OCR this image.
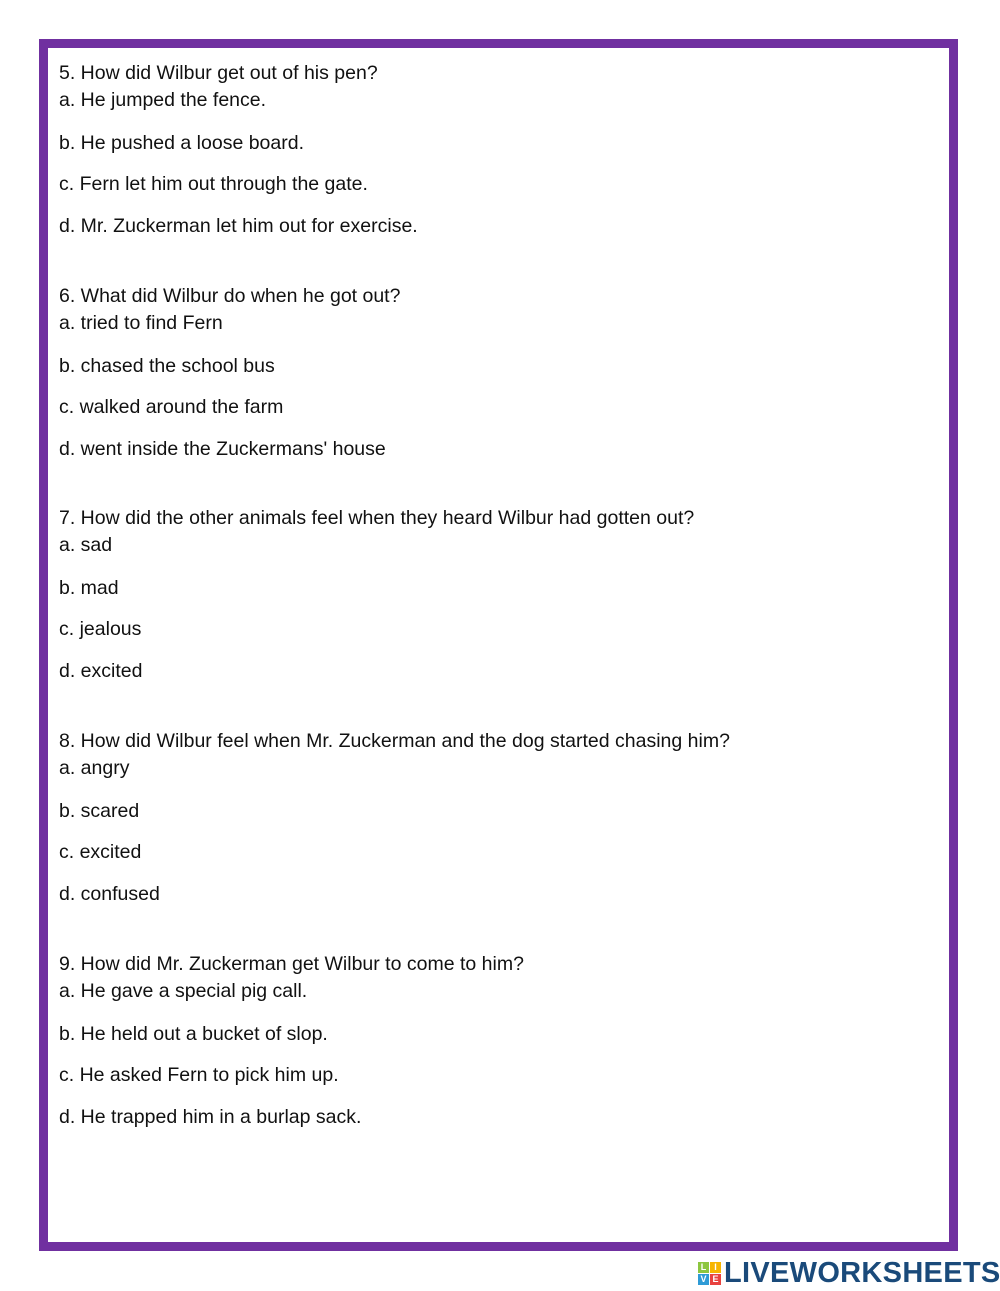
5. How did Wilbur get out of his pen?
a. He jumped the fence.
b. He pushed a loose board.
c. Fern let him out through the gate.
d. Mr. Zuckerman let him out for exercise.
6. What did Wilbur do when he got out?
a. tried to find Fern
b. chased the school bus
c. walked around the farm
d. went inside the Zuckermans' house
7. How did the other animals feel when they heard Wilbur had gotten out?
a. sad
b. mad
c. jealous
d. excited
8. How did Wilbur feel when Mr. Zuckerman and the dog started chasing him?
a. angry
b. scared
c. excited
d. confused
9. How did Mr. Zuckerman get Wilbur to come to him?
a. He gave a special pig call.
b. He held out a bucket of slop.
c. He asked Fern to pick him up.
d. He trapped him in a burlap sack.
L I
V E LIVEWORKSHEETS
